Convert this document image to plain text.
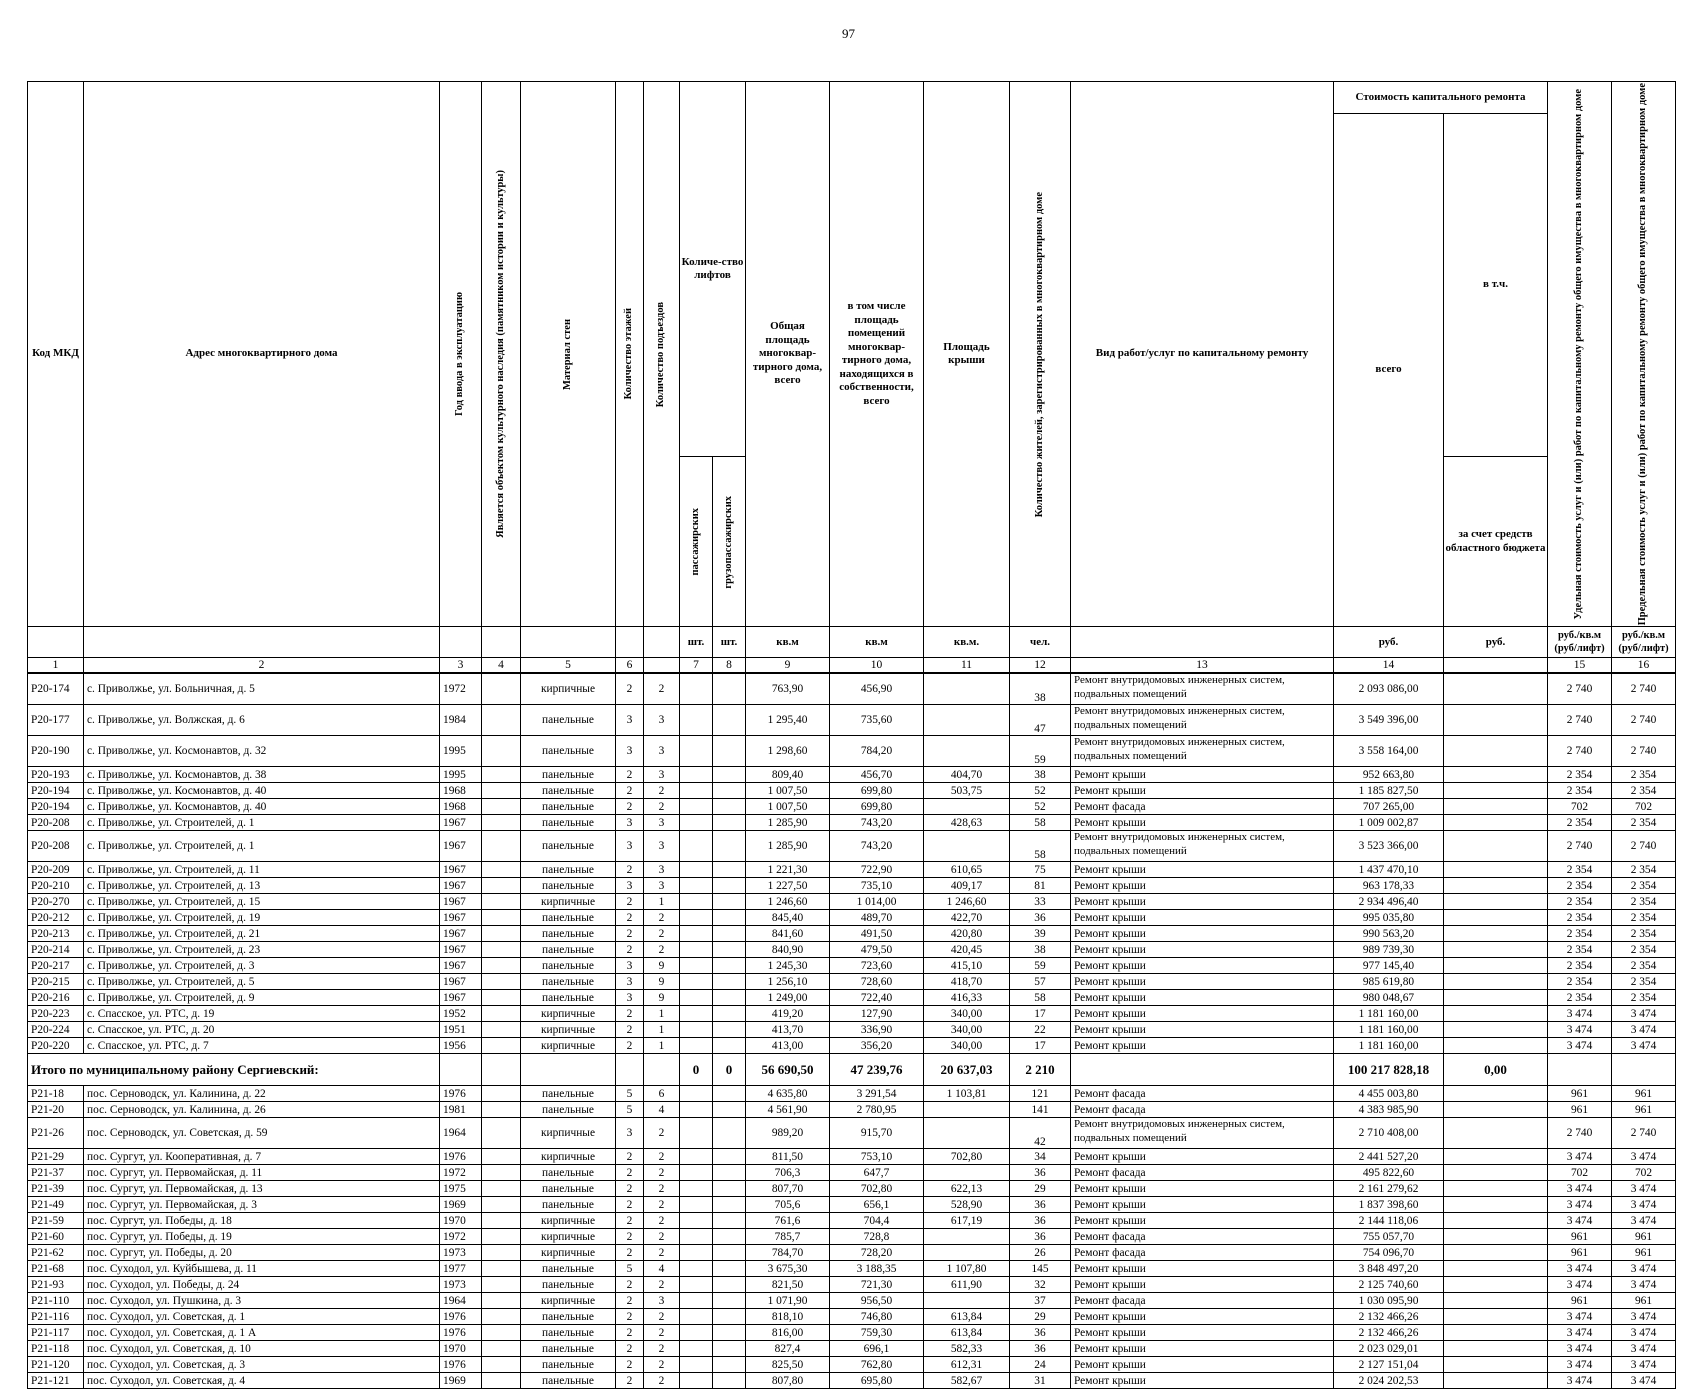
97
Код МКД	Адрес многоквартирного дома	Год ввода в эксплуатацию	Является объектом культурного наследия (памятником истории и культуры)	Материал стен	Количество этажей	Количество подъездов	Количе-ство лифтов		Общая площадь многоквар-тирного дома, всего	в том числе площадь помещений многоквар-тирного дома, находящихся в собственности, всего	Площадь крыши	Количество жителей, зарегистрированных в многоквартирном доме	Вид работ/услуг по капитальному ремонту	Стоимость капитального ремонта		Удельная стоимость услуг и (или) работ по капитальному ремонту общего имущества в многоквартирном доме	Предельная стоимость услуг и (или) работ по капитальному ремонту общего имущества в многоквартирном доме

														всего	в т.ч.		

							пассажирских	грузопассажирских							за счет средств областного бюджета		
							шт.	шт.	кв.м	кв.м	кв.м.	чел.		руб.	руб.	руб./кв.м (руб/лифт)	руб./кв.м (руб/лифт)
1	2	3	4	5	6		7	8	9	10	11	12	13	14		15	16
Р20-174	с. Приволжье, ул. Больничная, д. 5	1972		кирпичные	2	2			763,90	456,90		38	Ремонт внутридомовых инженерных систем, подвальных помещений	2 093 086,00		2 740	2 740
Р20-177	с. Приволжье, ул. Волжская, д. 6	1984		панельные	3	3			1 295,40	735,60		47	Ремонт внутридомовых инженерных систем, подвальных помещений	3 549 396,00		2 740	2 740
Р20-190	с. Приволжье, ул. Космонавтов, д. 32	1995		панельные	3	3			1 298,60	784,20		59	Ремонт внутридомовых инженерных систем, подвальных помещений	3 558 164,00		2 740	2 740
Р20-193	с. Приволжье, ул. Космонавтов, д. 38	1995		панельные	2	3			809,40	456,70	404,70	38	Ремонт крыши	952 663,80		2 354	2 354
Р20-194	с. Приволжье, ул. Космонавтов, д. 40	1968		панельные	2	2			1 007,50	699,80	503,75	52	Ремонт крыши	1 185 827,50		2 354	2 354
Р20-194	с. Приволжье, ул. Космонавтов, д. 40	1968		панельные	2	2			1 007,50	699,80		52	Ремонт фасада	707 265,00		702	702
Р20-208	с. Приволжье, ул. Строителей, д. 1	1967		панельные	3	3			1 285,90	743,20	428,63	58	Ремонт крыши	1 009 002,87		2 354	2 354
Р20-208	с. Приволжье, ул. Строителей, д. 1	1967		панельные	3	3			1 285,90	743,20		58	Ремонт внутридомовых инженерных систем, подвальных помещений	3 523 366,00		2 740	2 740
Р20-209	с. Приволжье, ул. Строителей, д. 11	1967		панельные	2	3			1 221,30	722,90	610,65	75	Ремонт крыши	1 437 470,10		2 354	2 354
Р20-210	с. Приволжье, ул. Строителей, д. 13	1967		панельные	3	3			1 227,50	735,10	409,17	81	Ремонт крыши	963 178,33		2 354	2 354
Р20-270	с. Приволжье, ул. Строителей, д. 15	1967		кирпичные	2	1			1 246,60	1 014,00	1 246,60	33	Ремонт крыши	2 934 496,40		2 354	2 354
Р20-212	с. Приволжье, ул. Строителей, д. 19	1967		панельные	2	2			845,40	489,70	422,70	36	Ремонт крыши	995 035,80		2 354	2 354
Р20-213	с. Приволжье, ул. Строителей, д. 21	1967		панельные	2	2			841,60	491,50	420,80	39	Ремонт крыши	990 563,20		2 354	2 354
Р20-214	с. Приволжье, ул. Строителей, д. 23	1967		панельные	2	2			840,90	479,50	420,45	38	Ремонт крыши	989 739,30		2 354	2 354
Р20-217	с. Приволжье, ул. Строителей, д. 3	1967		панельные	3	9			1 245,30	723,60	415,10	59	Ремонт крыши	977 145,40		2 354	2 354
Р20-215	с. Приволжье, ул. Строителей, д. 5	1967		панельные	3	9			1 256,10	728,60	418,70	57	Ремонт крыши	985 619,80		2 354	2 354
Р20-216	с. Приволжье, ул. Строителей, д. 9	1967		панельные	3	9			1 249,00	722,40	416,33	58	Ремонт крыши	980 048,67		2 354	2 354
Р20-223	с. Спасское, ул. РТС, д. 19	1952		кирпичные	2	1			419,20	127,90	340,00	17	Ремонт крыши	1 181 160,00		3 474	3 474
Р20-224	с. Спасское, ул. РТС, д. 20	1951		кирпичные	2	1			413,70	336,90	340,00	22	Ремонт крыши	1 181 160,00		3 474	3 474
Р20-220	с. Спасское, ул. РТС, д. 7	1956		кирпичные	2	1			413,00	356,20	340,00	17	Ремонт крыши	1 181 160,00		3 474	3 474
Итого по муниципальному району Сергиевский:							0	0	56 690,50	47 239,76	20 637,03	2 210		100 217 828,18	0,00		
Р21-18	пос. Серноводск, ул. Калинина, д. 22	1976		панельные	5	6			4 635,80	3 291,54	1 103,81	121	Ремонт фасада	4 455 003,80		961	961
Р21-20	пос. Серноводск, ул. Калинина, д. 26	1981		панельные	5	4			4 561,90	2 780,95		141	Ремонт фасада	4 383 985,90		961	961
Р21-26	пос. Серноводск, ул. Советская, д. 59	1964		кирпичные	3	2			989,20	915,70		42	Ремонт внутридомовых инженерных систем, подвальных помещений	2 710 408,00		2 740	2 740
Р21-29	пос. Сургут, ул. Кооперативная, д. 7	1976		кирпичные	2	2			811,50	753,10	702,80	34	Ремонт крыши	2 441 527,20		3 474	3 474
Р21-37	пос. Сургут, ул. Первомайская, д. 11	1972		панельные	2	2			706,3	647,7		36	Ремонт фасада	495 822,60		702	702
Р21-39	пос. Сургут, ул. Первомайская, д. 13	1975		панельные	2	2			807,70	702,80	622,13	29	Ремонт крыши	2 161 279,62		3 474	3 474
Р21-49	пос. Сургут, ул. Первомайская, д. 3	1969		панельные	2	2			705,6	656,1	528,90	36	Ремонт крыши	1 837 398,60		3 474	3 474
Р21-59	пос. Сургут, ул. Победы, д. 18	1970		кирпичные	2	2			761,6	704,4	617,19	36	Ремонт крыши	2 144 118,06		3 474	3 474
Р21-60	пос. Сургут, ул. Победы, д. 19	1972		кирпичные	2	2			785,7	728,8		36	Ремонт фасада	755 057,70		961	961
Р21-62	пос. Сургут, ул. Победы, д. 20	1973		кирпичные	2	2			784,70	728,20		26	Ремонт фасада	754 096,70		961	961
Р21-68	пос. Суходол, ул. Куйбышева, д. 11	1977		панельные	5	4			3 675,30	3 188,35	1 107,80	145	Ремонт крыши	3 848 497,20		3 474	3 474
Р21-93	пос. Суходол, ул. Победы, д. 24	1973		панельные	2	2			821,50	721,30	611,90	32	Ремонт крыши	2 125 740,60		3 474	3 474
Р21-110	пос. Суходол, ул. Пушкина, д. 3	1964		кирпичные	2	3			1 071,90	956,50		37	Ремонт фасада	1 030 095,90		961	961
Р21-116	пос. Суходол, ул. Советская, д. 1	1976		панельные	2	2			818,10	746,80	613,84	29	Ремонт крыши	2 132 466,26		3 474	3 474
Р21-117	пос. Суходол, ул. Советская, д. 1 А	1976		панельные	2	2			816,00	759,30	613,84	36	Ремонт крыши	2 132 466,26		3 474	3 474
Р21-118	пос. Суходол, ул. Советская, д. 10	1970		панельные	2	2			827,4	696,1	582,33	36	Ремонт крыши	2 023 029,01		3 474	3 474
Р21-120	пос. Суходол, ул. Советская, д. 3	1976		панельные	2	2			825,50	762,80	612,31	24	Ремонт крыши	2 127 151,04		3 474	3 474
Р21-121	пос. Суходол, ул. Советская, д. 4	1969		панельные	2	2			807,80	695,80	582,67	31	Ремонт крыши	2 024 202,53		3 474	3 474
